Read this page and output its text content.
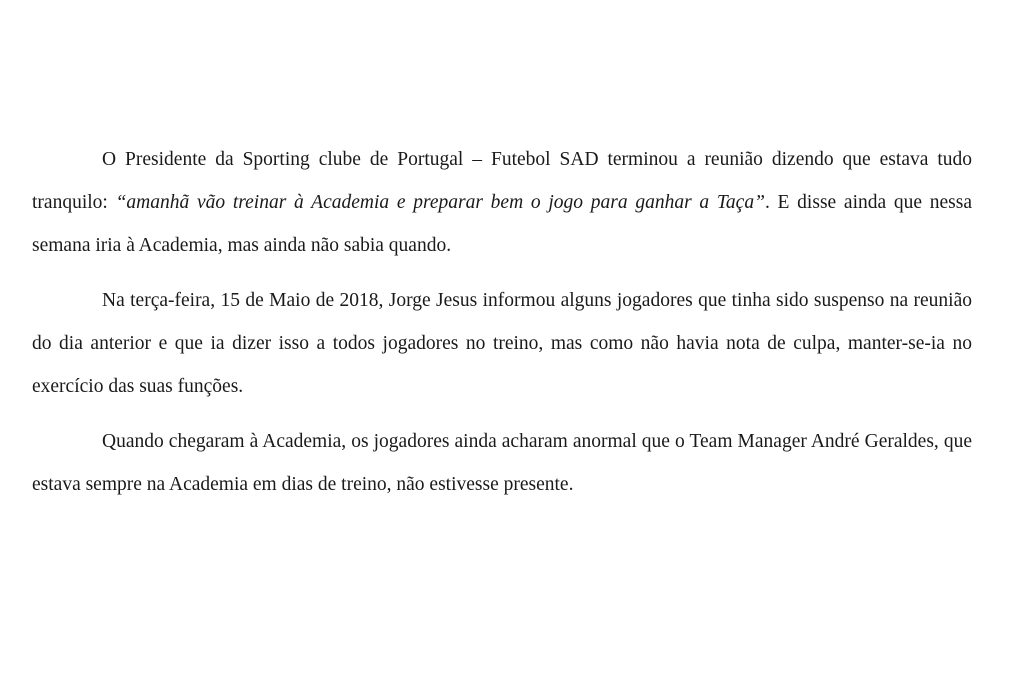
O Presidente da Sporting clube de Portugal – Futebol SAD terminou a reunião dizendo que estava tudo tranquilo: “amanhã vão treinar à Academia e preparar bem o jogo para ganhar a Taça”. E disse ainda que nessa semana iria à Academia, mas ainda não sabia quando.

Na terça-feira, 15 de Maio de 2018, Jorge Jesus informou alguns jogadores que tinha sido suspenso na reunião do dia anterior e que ia dizer isso a todos jogadores no treino, mas como não havia nota de culpa, manter-se-ia no exercício das suas funções.

Quando chegaram à Academia, os jogadores ainda acharam anormal que o Team Manager André Geraldes, que estava sempre na Academia em dias de treino, não estivesse presente.
